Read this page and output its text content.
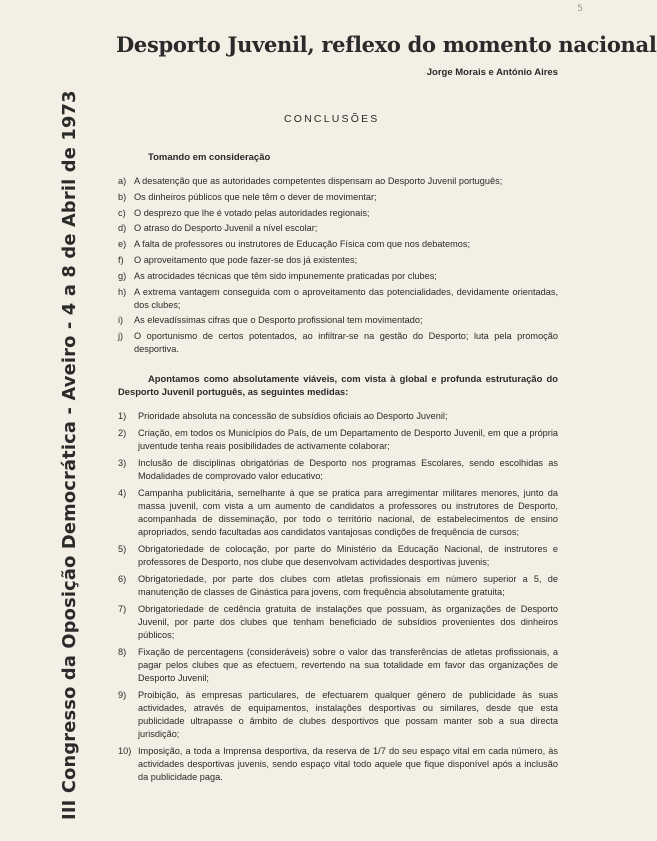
5
III Congresso da Oposição Democrática - Aveiro - 4 a 8 de Abril de 1973
Desporto Juvenil, reflexo do momento nacional
Jorge Morais e António Aires
CONCLUSÕES
Tomando em consideração
a) A desatenção que as autoridades competentes dispensam ao Desporto Juvenil português;
b) Os dinheiros públicos que nele têm o dever de movimentar;
c) O desprezo que lhe é votado pelas autoridades regionais;
d) O atraso do Desporto Juvenil a nível escolar;
e) A falta de professores ou instrutores de Educação Física com que nos debatemos;
f) O aproveitamento que pode fazer-se dos já existentes;
g) As atrocidades técnicas que têm sido impunemente praticadas por clubes;
h) A extrema vantagem conseguida com o aproveitamento das potencialidades, devidamente orientadas, dos clubes;
i) As elevadíssimas cifras que o Desporto profissional tem movimentado;
j) O oportunismo de certos potentados, ao infiltrar-se na gestão do Desporto; luta pela promoção desportiva.
Apontamos como absolutamente viáveis, com vista à global e profunda estruturação do Desporto Juvenil português, as seguintes medidas:
1) Prioridade absoluta na concessão de subsídios oficiais ao Desporto Juvenil;
2) Criação, em todos os Municípios do País, de um Departamento de Desporto Juvenil, em que a própria juventude tenha reais posibilidades de activamente colaborar;
3) Inclusão de disciplinas obrigatórias de Desporto nos programas Escolares, sendo escolhidas as Modalidades de comprovado valor educativo;
4) Campanha publicitária, semelhante à que se pratica para arregimentar militares menores, junto da massa juvenil, com vista a um aumento de candidatos a professores ou instrutores de Desporto, acompanhada de disseminação, por todo o território nacional, de estabelecimentos de ensino apropriados, sendo facultadas aos candidatos vantajosas condições de frequência de cursos;
5) Obrigatoriedade de colocação, por parte do Ministério da Educação Nacional, de instrutores e professores de Desporto, nos clube que desenvolvam actividades desportivas juvenis;
6) Obrigatoriedade, por parte dos clubes com atletas profissionais em número superior a 5, de manutenção de classes de Ginástica para jovens, com frequência absolutamente gratuita;
7) Obrigatoriedade de cedência gratuita de instalações que possuam, às organizações de Desporto Juvenil, por parte dos clubes que tenham beneficiado de subsídios provenientes dos dinheiros públicos;
8) Fixação de percentagens (consideráveis) sobre o valor das transferências de atletas profissionais, a pagar pelos clubes que as efectuem, revertendo na sua totalidade em favor das organizações de Desporto Juvenil;
9) Proibição, às empresas particulares, de efectuarem qualquer género de publicidade às suas actividades, através de equipamentos, instalações desportivas ou similares, desde que esta publicidade ultrapasse o âmbito de clubes desportivos que possam manter sob a sua directa jurisdição;
10) Imposição, a toda a Imprensa desportiva, da reserva de 1/7 do seu espaço vital em cada número, às actividades desportivas juvenis, sendo espaço vital todo aquele que fique disponível após a inclusão da publicidade paga.
